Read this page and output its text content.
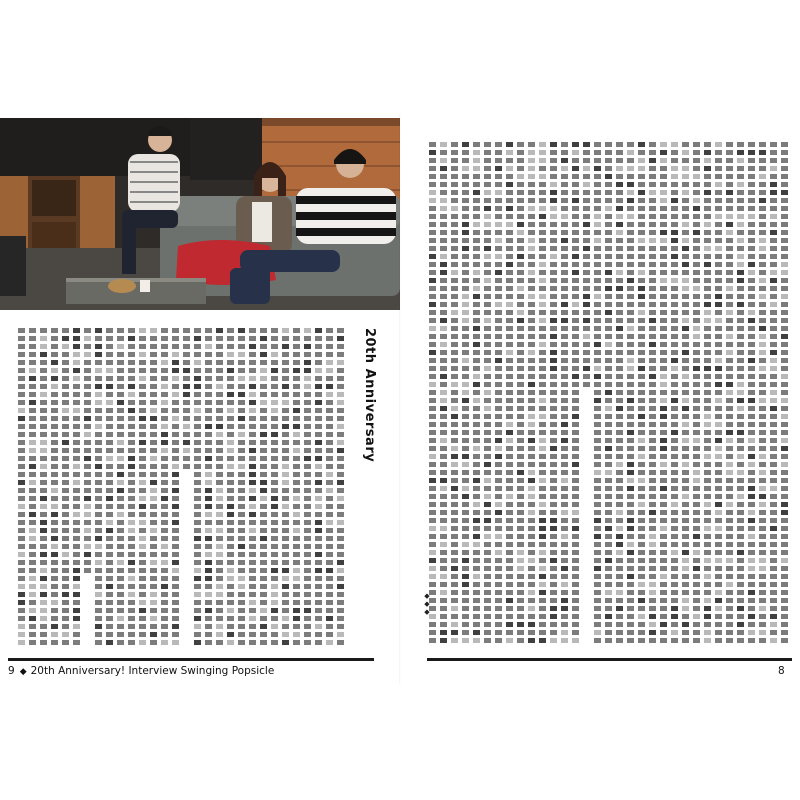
20th Anniversary
◆
◆
◆
9 ◆ 20th Anniversary! Interview Swinging Popsicle	8
